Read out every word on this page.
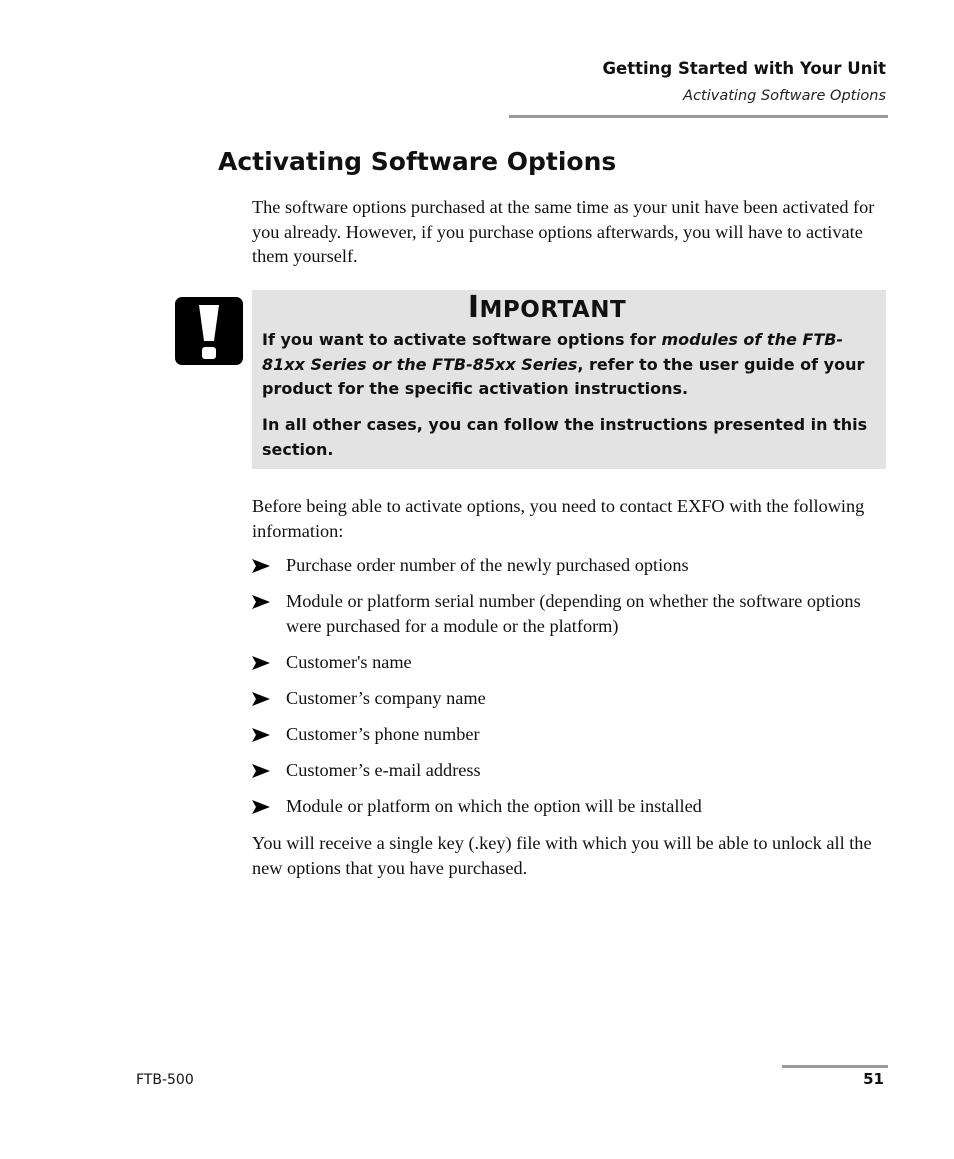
Getting Started with Your Unit
Activating Software Options
Activating Software Options

The software options purchased at the same time as your unit have been activated for you already. However, if you purchase options afterwards, you will have to activate them yourself.

IMPORTANT

If you want to activate software options for modules of the FTB-81xx Series or the FTB-85xx Series, refer to the user guide of your product for the specific activation instructions.

In all other cases, you can follow the instructions presented in this section.

Before being able to activate options, you need to contact EXFO with the following information:

Purchase order number of the newly purchased options
Module or platform serial number (depending on whether the software options were purchased for a module or the platform)
Customer's name
Customer’s company name
Customer’s phone number
Customer’s e-mail address
Module or platform on which the option will be installed

You will receive a single key (.key) file with which you will be able to unlock all the new options that you have purchased.

FTB-500	51
